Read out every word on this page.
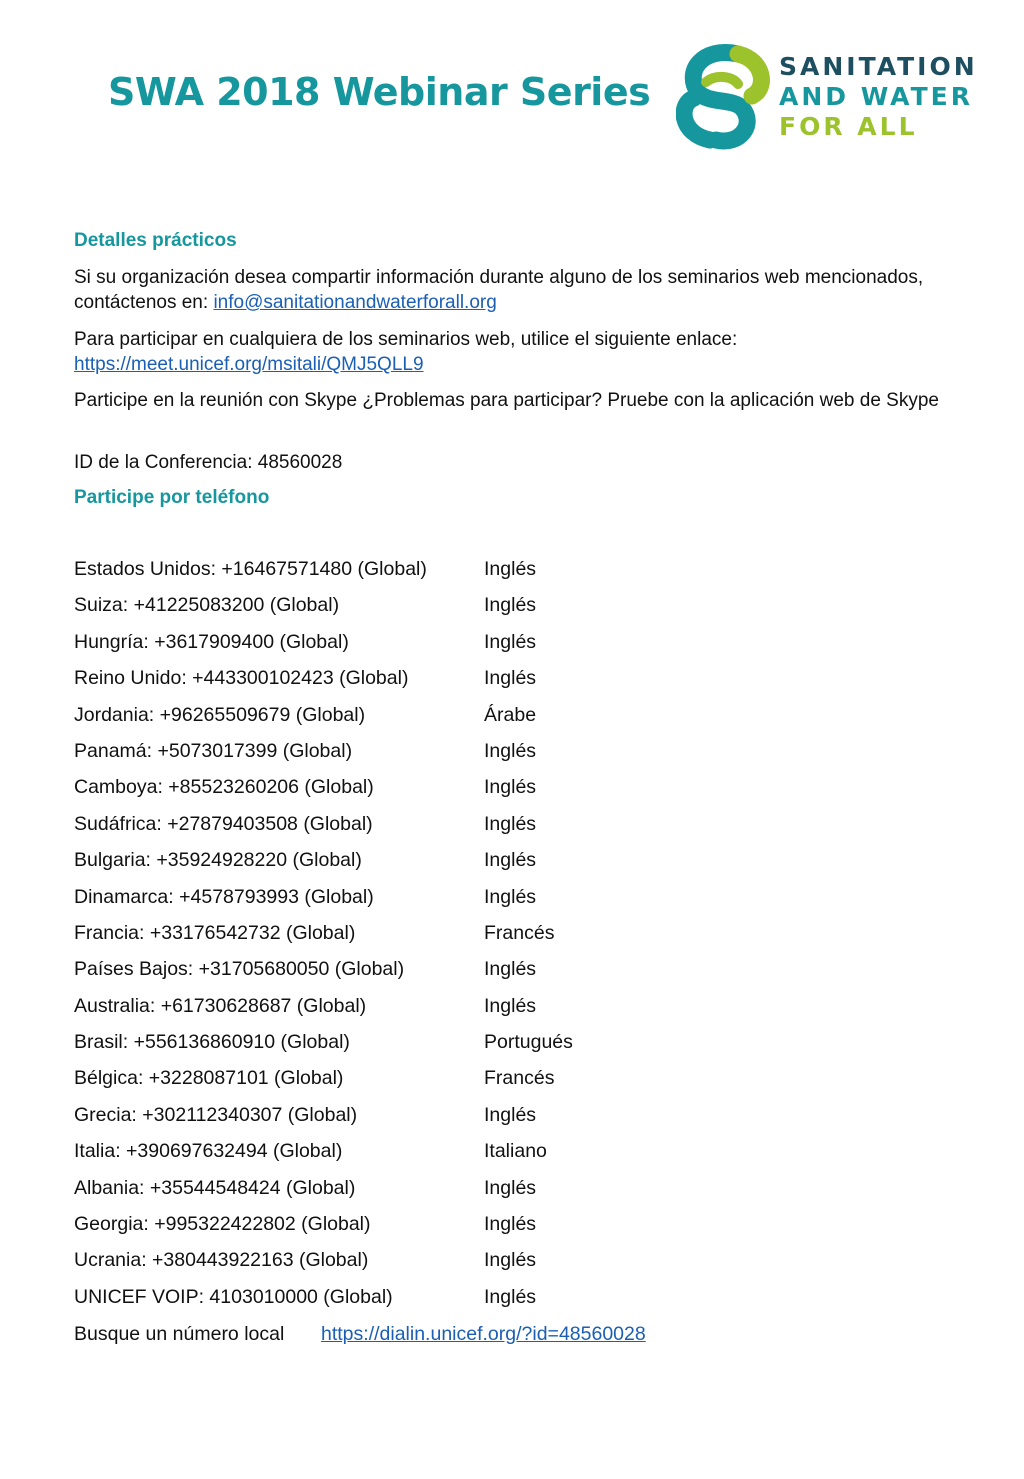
SWA 2018 Webinar Series
SANITATION
AND WATER
FOR ALL
Detalles prácticos

Si su organización desea compartir información durante alguno de los seminarios web mencionados, contáctenos en: info@sanitationandwaterforall.org

Para participar en cualquiera de los seminarios web, utilice el siguiente enlace:
https://meet.unicef.org/msitali/QMJ5QLL9

Participe en la reunión con Skype ¿Problemas para participar? Pruebe con la aplicación web de Skype

ID de la Conferencia: 48560028

Participe por teléfono
Estados Unidos: +16467571480 (Global)	Inglés
Suiza: +41225083200 (Global)	Inglés
Hungría: +3617909400 (Global)	Inglés
Reino Unido: +443300102423 (Global)	Inglés
Jordania: +96265509679 (Global)	Árabe
Panamá: +5073017399 (Global)	Inglés
Camboya: +85523260206 (Global)	Inglés
Sudáfrica: +27879403508 (Global)	Inglés
Bulgaria: +35924928220 (Global)	Inglés
Dinamarca: +4578793993 (Global)	Inglés
Francia: +33176542732 (Global)	Francés
Países Bajos: +31705680050 (Global)	Inglés
Australia: +61730628687 (Global)	Inglés
Brasil: +556136860910 (Global)	Portugués
Bélgica: +3228087101 (Global)	Francés
Grecia: +302112340307 (Global)	Inglés
Italia: +390697632494 (Global)	Italiano
Albania: +35544548424 (Global)	Inglés
Georgia: +995322422802 (Global)	Inglés
Ucrania: +380443922163 (Global)	Inglés
UNICEF VOIP: 4103010000 (Global)	Inglés
Busque un número local https://dialin.unicef.org/?id=48560028
